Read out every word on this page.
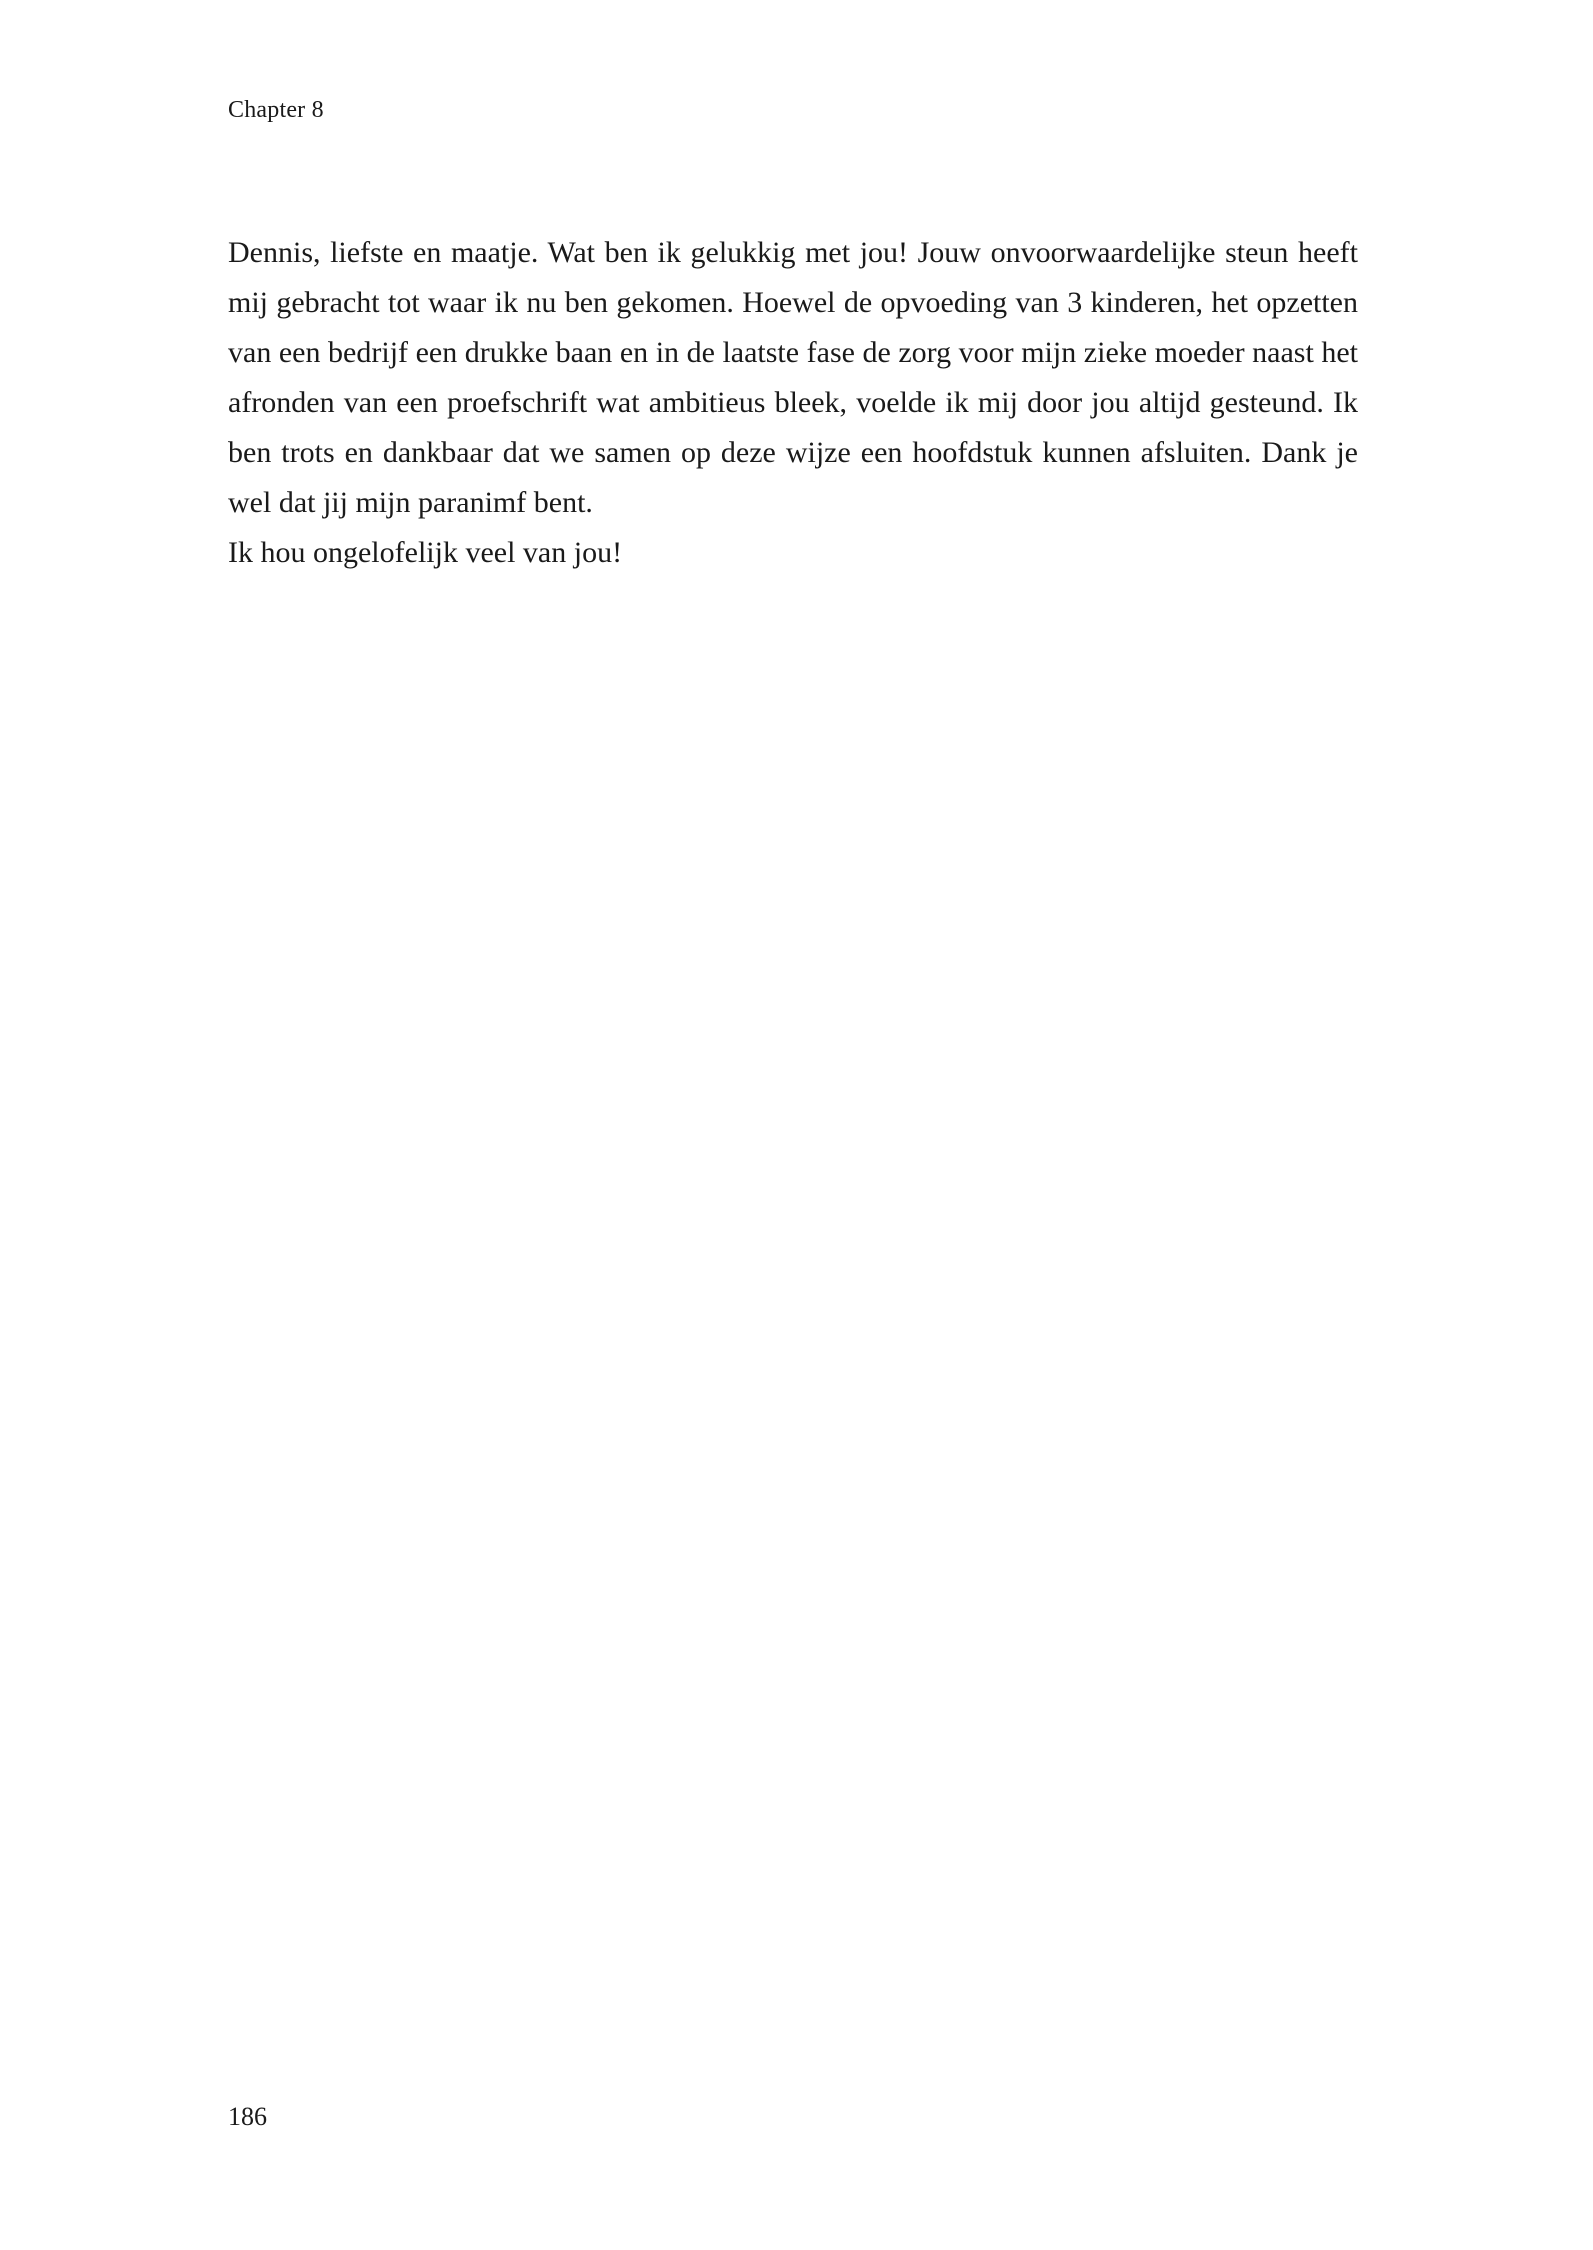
Chapter 8

Dennis, liefste en maatje. Wat ben ik gelukkig met jou! Jouw onvoorwaardelijke steun heeft mij gebracht tot waar ik nu ben gekomen. Hoewel de opvoeding van 3 kinderen, het opzetten van een bedrijf een drukke baan en in de laatste fase de zorg voor mijn zieke moeder naast het afronden van een proefschrift wat ambitieus bleek, voelde ik mij door jou altijd gesteund. Ik ben trots en dankbaar dat we samen op deze wijze een hoofdstuk kunnen afsluiten. Dank je wel dat jij mijn paranimf bent.

Ik hou ongelofelijk veel van jou!

186
